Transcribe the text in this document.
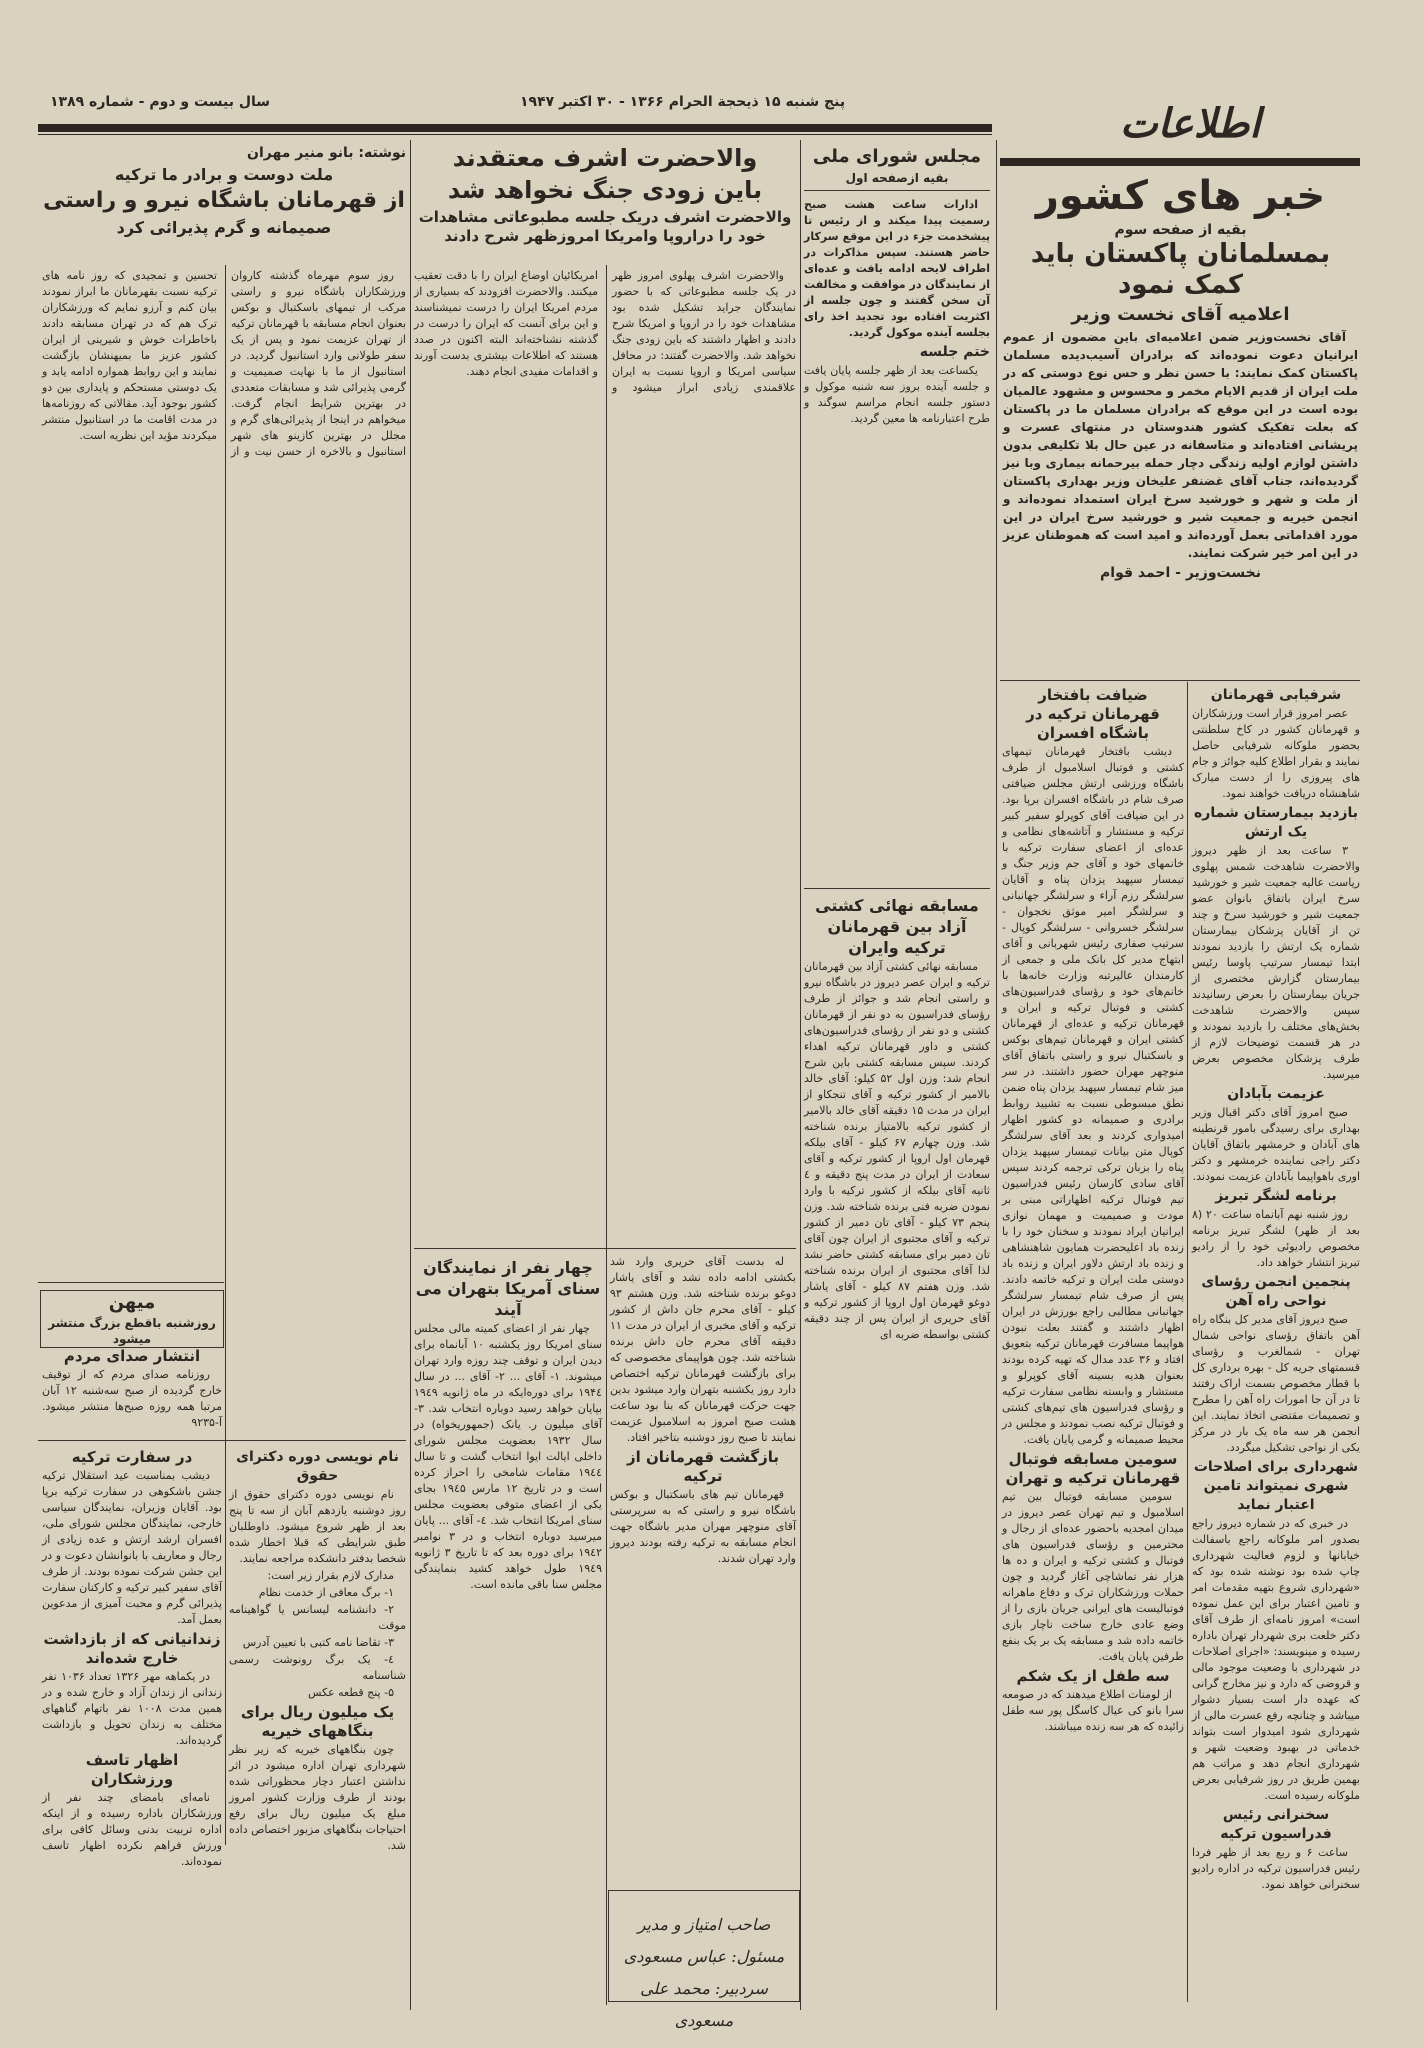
سال بیست و دوم - شماره ۱۳۸۹	پنج شنبه ۱۵ ذیحجة الحرام ۱۳۶۶ - ۳۰ اکتبر ۱۹۴۷	اطلاعات
خبر های کشور
بقیه از صفحه سوم
بمسلمانان پاکستان باید کمک نمود
اعلامیه آقای نخست وزیر

آقای نخست‌وزیر ضمن اعلامیه‌ای باین مضمون از عموم ایرانیان دعوت نموده‌اند که برادران آسیب‌دیده مسلمان پاکستان کمک نمایند: با حسن نظر و حس نوع دوستی که در ملت ایران از قدیم الایام مخمر و محسوس و مشهود عالمیان بوده است در این موقع که برادران مسلمان ما در پاکستان که بعلت تفکیک کشور هندوستان در منتهای عسرت و پریشانی افتاده‌اند و متاسفانه در عین حال بلا تکلیفی بدون داشتن لوازم اولیه زندگی دچار حمله بیرحمانه بیماری وبا نیز گردیده‌اند، جناب آقای غضنفر علیخان وزیر بهداری پاکستان از ملت و شهر و خورشید سرخ ایران استمداد نموده‌اند و انجمن خیریه و جمعیت شیر و خورشید سرخ ایران در این مورد اقداماتی بعمل آورده‌اند و امید است که هموطنان عزیز در این امر خیر شرکت نمایند.

نخست‌وزیر - احمد قوام
شرفیابی قهرمانان

عصر امروز قرار است ورزشکاران و قهرمانان کشور در کاخ سلطنتی بحضور ملوکانه شرفیابی حاصل نمایند و بقرار اطلاع کلیه جوائز و جام های پیروزی را از دست مبارک شاهنشاه دریافت خواهند نمود.

بازدید بیمارستان شماره یک ارتش

۳ ساعت بعد از ظهر دیروز والاحضرت شاهدخت شمس پهلوی ریاست عالیه جمعیت شیر و خورشید سرخ ایران باتفاق بانوان عضو جمعیت شیر و خورشید سرخ و چند تن از آقایان پزشکان بیمارستان شماره یک ارتش را بازدید نمودند ابتدا تیمسار سرتیپ پاوسا رئیس بیمارستان گزارش مختصری از جریان بیمارستان را بعرض رسانیدند سپس والاحضرت شاهدخت بخش‌های مختلف را بازدید نمودند و در هر قسمت توضیحات لازم از طرف پزشکان مخصوص بعرض میرسید.

عزیمت بآبادان

صبح امروز آقای دکتر اقبال وزیر بهداری برای رسیدگی بامور قرنطینه های آبادان و خرمشهر باتفاق آقایان دکتر راجی نماینده خرمشهر و دکتر اوری باهواپیما بآبادان عزیمت نمودند.

برنامه لشگر تبریز

روز شنبه نهم آبانماه ساعت ۲۰ (۸ بعد از ظهر) لشگر تبریز برنامه مخصوص رادیوئی خود را از رادیو تبریز انتشار خواهد داد.

پنجمین انجمن رؤسای نواحی راه آهن

صبح دیروز آقای مدیر کل بنگاه راه آهن باتفاق رؤسای نواحی شمال تهران - شمالغرب و رؤسای قسمتهای جریه کل - بهره برداری کل با قطار مخصوص بسمت اراک رفتند تا در آن جا امورات راه آهن را مطرح و تصمیمات مقتضی اتخاذ نمایند. این انجمن هر سه ماه یک بار در مرکز یکی از نواحی تشکیل میگردد.

شهرداری برای اصلاحات شهری نمیتواند تامین اعتبار نماید

در خبری که در شماره دیروز راجع بصدور امر ملوکانه راجع باسفالت خیابانها و لزوم فعالیت شهرداری چاپ شده بود نوشته شده بود که «شهرداری شروع بتهیه مقدمات امر و تامین اعتبار برای این عمل نموده است» امروز نامه‌ای از طرف آقای دکتر خلعت بری شهردار تهران باداره رسیده و مینویسند: «اجرای اصلاحات در شهرداری با وضعیت موجود مالی و قروضی که دارد و نیز مخارج گرانی که عهده دار است بسیار دشوار میباشد و چنانچه رفع عسرت مالی از شهرداری شود امیدوار است بتواند خدماتی در بهبود وضعیت شهر و شهرداری انجام دهد و مراتب هم بهمین طریق در روز شرفیابی بعرض ملوکانه رسیده است.

سخنرانی رئیس فدراسیون ترکیه

ساعت ۶ و ربع بعد از ظهر فردا رئیس فدراسیون ترکیه در اداره رادیو سخنرانی خواهد نمود.

ضیافت بافتخار قهرمانان ترکیه در باشگاه افسران

دیشب بافتخار قهرمانان تیمهای کشتی و فوتبال اسلامبول از طرف باشگاه ورزشی ارتش مجلس ضیافتی صرف شام در باشگاه افسران برپا بود. در این ضیافت آقای کوپرلو سفیر کبیر ترکیه و مستشار و آتاشه‌های نظامی و عده‌ای از اعضای سفارت ترکیه با خانمهای خود و آقای جم وزیر جنگ و تیمسار سپهبد یزدان پناه و آقایان سرلشگر رزم آراء و سرلشگر جهانبانی و سرلشگر امیر موثق نخجوان - سرلشگر خسروانی - سرلشگر کوپال - سرتیپ صفاری رئیس شهربانی و آقای ابتهاج مدیر کل بانک ملی و جمعی از کارمندان عالیرتبه وزارت خانه‌ها با خانم‌های خود و رؤسای فدراسیون‌های کشتی و فوتبال ترکیه و ایران و قهرمانان ترکیه و عده‌ای از قهرمانان کشتی ایران و قهرمانان تیم‌های بوکس و باسکتبال نیرو و راستی باتفاق آقای منوچهر مهران حضور داشتند. در سر میز شام تیمسار سپهبد یزدان پناه ضمن نطق مبسوطی نسبت به تشیید روابط برادری و صمیمانه دو کشور اظهار امیدواری کردند و بعد آقای سرلشگر کوپال متن بیانات تیمسار سپهبد یزدان پناه را بزبان ترکی ترجمه کردند سپس آقای سادی کارسان رئیس فدراسیون تیم فوتبال ترکیه اظهاراتی مبنی بر مودت و صمیمیت و مهمان نوازی ایرانیان ایراد نمودند و سخنان خود را با زنده باد اعلیحضرت همایون شاهنشاهی و زنده باد ارتش دلاور ایران و زنده باد دوستی ملت ایران و ترکیه خاتمه دادند. پس از صرف شام تیمسار سرلشگر جهانبانی مطالبی راجع بورزش در ایران اظهار داشتند و گفتند بعلت نبودن هواپیما مسافرت قهرمانان ترکیه بتعویق افتاد و ۳۶ عدد مدال که تهیه کرده بودند بعنوان هدیه بسینه آقای کوپرلو و مستشار و وابسته نظامی سفارت ترکیه و رؤسای فدراسیون های تیم‌های کشتی و فوتبال ترکیه نصب نمودند و مجلس در محیط صمیمانه و گرمی پایان یافت.

سومین مسابقه فوتبال قهرمانان ترکیه و تهران

سومین مسابقه فوتبال بین تیم اسلامبول و تیم تهران عصر دیروز در میدان امجدیه باحضور عده‌ای از رجال و محترمین و رؤسای فدراسیون های فوتبال و کشتی ترکیه و ایران و ده ها هزار نفر تماشاچی آغاز گردید و چون حملات ورزشکاران ترک و دفاع ماهرانه فوتبالیست های ایرانی جریان بازی را از وضع عادی خارج ساخت ناچار بازی خاتمه داده شد و مسابقه یک بر یک بنفع طرفین پایان یافت.

سه طفل از یک شکم

از لومنات اطلاع میدهند که در صومعه سرا بانو کی عیال کاسگل پور سه طفل زائیده که هر سه زنده میباشند.

مجلس شورای ملی
بقیه ازصفحه اول

ادارات ساعت هشت صبح رسمیت پیدا میکند و از رئیس تا پیشخدمت جزء در این موقع سرکار حاضر هستند. سپس مذاکرات در اطراف لایحه ادامه یافت و عده‌ای از نمایندگان در موافقت و مخالفت آن سخن گفتند و چون جلسه از اکثریت افتاده بود تجدید اخذ رای بجلسه آینده موکول گردید.

ختم جلسه

یکساعت بعد از ظهر جلسه پایان یافت و جلسه آینده بروز سه شنبه موکول و دستور جلسه انجام مراسم سوگند و طرح اعتبارنامه ها معین گردید.

مسابقه نهائی کشتی آزاد بین قهرمانان ترکیه وایران

مسابقه نهائی کشتی آزاد بین قهرمانان ترکیه و ایران عصر دیروز در باشگاه نیرو و راستی انجام شد و جوائز از طرف رؤسای فدراسیون به دو نفر از قهرمانان کشتی و دو نفر از رؤسای فدراسیون‌های کشتی و داور قهرمانان ترکیه اهداء کردند. سپس مسابقه کشتی باین شرح انجام شد: وزن اول ۵۲ کیلو: آقای خالد بالامیر از کشور ترکیه و آقای تنجکاو از ایران در مدت ۱۵ دقیقه آقای خالد بالامیر از کشور ترکیه بالامتیاز برنده شناخته شد. وزن چهارم ۶۷ کیلو - آقای بیلکه قهرمان اول اروپا از کشور ترکیه و آقای سعادت از ایران در مدت پنج دقیقه و ٤ ثانیه آقای بیلکه از کشور ترکیه با وارد نمودن ضربه فنی برنده شناخته شد. وزن پنجم ۷۳ کیلو - آقای تان دمیر از کشور ترکیه و آقای مجتبوی از ایران چون آقای تان دمیر برای مسابقه کشتی حاضر نشد لذا آقای مجتبوی از ایران برنده شناخته شد. وزن هفتم ۸۷ کیلو - آقای یاشار دوغو قهرمان اول اروپا از کشور ترکیه و آقای حریری از ایران پس از چند دقیقه کشتی بواسطه ضربه ای

والاحضرت اشرف معتقدند
باین زودی جنگ نخواهد شد
والاحضرت اشرف دریک جلسه مطبوعاتی مشاهدات خود را دراروپا وامریکا امروزظهر شرح دادند

والاحضرت اشرف پهلوی امروز ظهر در یک جلسه مطبوعاتی که با حضور نمایندگان جراید تشکیل شده بود مشاهدات خود را در اروپا و امریکا شرح دادند و اظهار داشتند که باین زودی جنگ نخواهد شد. والاحضرت گفتند: در محافل سیاسی امریکا و اروپا نسبت به ایران علاقمندی زیادی ابراز میشود و امریکائیان اوضاع ایران را با دقت تعقیب میکنند. والاحضرت افزودند که بسیاری از مردم امریکا ایران را درست نمیشناسند و این برای آنست که ایران را درست در گذشته نشناخته‌اند البته اکنون در صدد هستند که اطلاعات بیشتری بدست آورند و اقدامات مفیدی انجام دهند.

چهار نفر از نمایندگان سنای آمریکا بتهران می آیند

چهار نفر از اعضای کمیته مالی مجلس سنای امریکا روز یکشنبه ۱۰ آبانماه برای دیدن ایران و توقف چند روزه وارد تهران میشوند. ۱- آقای ... ۲- آقای ... در سال ۱۹۴٤ برای دوره‌ایکه در ماه ژانویه ۱۹٤۹ بپایان خواهد رسید دوباره انتخاب شد. ۳- آقای میلیون ر. یانک (جمهوریخواه) در سال ۱۹۳۲ بعضویت مجلس شورای داخلی ایالت ایوا انتخاب گشت و تا سال ۱۹٤٤ مقامات شامخی را احراز کرده است و در تاریخ ۱۲ مارس ۱۹٤۵ بجای یکی از اعضای متوفی بعضویت مجلس سنای امریکا انتخاب شد. ٤- آقای ... پایان میرسید دوباره انتخاب و در ۳ نوامبر ۱۹٤۲ برای دوره بعد که تا تاریخ ۳ ژانویه ۱۹٤۹ طول خواهد کشید بنمایندگی مجلس سنا باقی مانده است.

له بدست آقای حریری وارد شد بکشتی ادامه داده نشد و آقای یاشار دوغو برنده شناخته شد. وزن هشتم ۹۳ کیلو - آقای محرم جان داش از کشور ترکیه و آقای مخبری از ایران در مدت ۱۱ دقیقه آقای محرم جان داش برنده شناخته شد. چون هواپیمای مخصوصی که برای بازگشت قهرمانان ترکیه اختصاص دارد روز یکشنبه بتهران وارد میشود بدین جهت حرکت قهرمانان که بنا بود ساعت هشت صبح امروز به اسلامبول عزیمت نمایند تا صبح روز دوشنبه بتاخیر افتاد.

بازگشت قهرمانان از ترکیه

قهرمانان تیم های باسکتبال و بوکس باشگاه نیرو و راستی که به سرپرستی آقای منوچهر مهران مدیر باشگاه جهت انجام مسابقه به ترکیه رفته بودند دیروز وارد تهران شدند.

صاحب امتیاز و مدیر مسئول: عباس مسعودی
سردبیر: محمد علی مسعودی
نوشته: بانو منیر مهران
ملت دوست و برادر ما ترکیه
از قهرمانان باشگاه نیرو و راستی
صمیمانه و گرم پذیرائی کرد

روز سوم مهرماه گذشته کاروان ورزشکاران باشگاه نیرو و راستی مرکب از تیمهای باسکتبال و بوکس بعنوان انجام مسابقه با قهرمانان ترکیه از تهران عزیمت نمود و پس از یک سفر طولانی وارد استانبول گردید. در استانبول از ما با نهایت صمیمیت و گرمی پذیرائی شد و مسابقات متعددی در بهترین شرایط انجام گرفت. میخواهم در اینجا از پذیرائی‌های گرم و مجلل در بهترین کازینو های شهر استانبول و بالاخره از حسن نیت و از تحسین و تمجیدی که روز نامه های ترکیه نسبت بقهرمانان ما ابراز نمودند بیان کنم و آرزو نمایم که ورزشکاران ترک هم که در تهران مسابقه دادند باخاطرات خوش و شیرینی از ایران کشور عزیز ما بمیهنشان بازگشت نمایند و این روابط همواره ادامه یابد و یک دوستی مستحکم و پایداری بین دو کشور بوجود آید. مقالاتی که روزنامه‌ها در مدت اقامت ما در استانبول منتشر میکردند مؤید این نظریه است.

میهن
روزشنبه باقطع بزرگ منتشر میشود
انتشار صدای مردم

روزنامه صدای مردم که از توقیف خارج گردیده از صبح سه‌شنبه ۱۲ آبان مرتبا همه روزه صبح‌ها منتشر میشود. آ-۹۲۳۵

در سفارت ترکیه

دیشب بمناسبت عید استقلال ترکیه جشن باشکوهی در سفارت ترکیه برپا بود. آقایان وزیران، نمایندگان سیاسی خارجی، نمایندگان مجلس شورای ملی، افسران ارشد ارتش و عده زیادی از رجال و معاریف با بانوانشان دعوت و در این جشن شرکت نموده بودند. از طرف آقای سفیر کبیر ترکیه و کارکنان سفارت پذیرائی گرم و محبت آمیزی از مدعوین بعمل آمد.

زندانیانی که از بازداشت خارج شده‌اند

در یکماهه مهر ۱۳۲۶ تعداد ۱۰۳۶ نفر زندانی از زندان آزاد و خارج شده و در همین مدت ۱۰۰۸ نفر باتهام گناههای مختلف به زندان تحویل و بازداشت گردیده‌اند.

اظهار تاسف ورزشکاران

نامه‌ای بامضای چند نفر از ورزشکاران باداره رسیده و از اینکه اداره تربیت بدنی وسائل کافی برای ورزش فراهم نکرده اظهار تاسف نموده‌اند.

نام نویسی دوره دکترای حقوق

نام نویسی دوره دکترای حقوق از روز دوشنبه یازدهم آبان از سه تا پنج بعد از ظهر شروع میشود. داوطلبان طبق شرایطی که قبلا اخطار شده شخصا بدفتر دانشکده مراجعه نمایند.

مدارک لازم بقرار زیر است:

۱- برگ معافی از خدمت نظام

۲- دانشنامه لیسانس یا گواهینامه موقت

۳- تقاضا نامه کتبی با تعیین آدرس

٤- یک برگ رونوشت رسمی شناسنامه

۵- پنج قطعه عکس

یک میلیون ریال برای بنگاههای خیریه

چون بنگاههای خیریه که زیر نظر شهرداری تهران اداره میشود در اثر نداشتن اعتبار دچار محظوراتی شده بودند از طرف وزارت کشور امروز مبلغ یک میلیون ریال برای رفع احتیاجات بنگاههای مزبور اختصاص داده شد.
